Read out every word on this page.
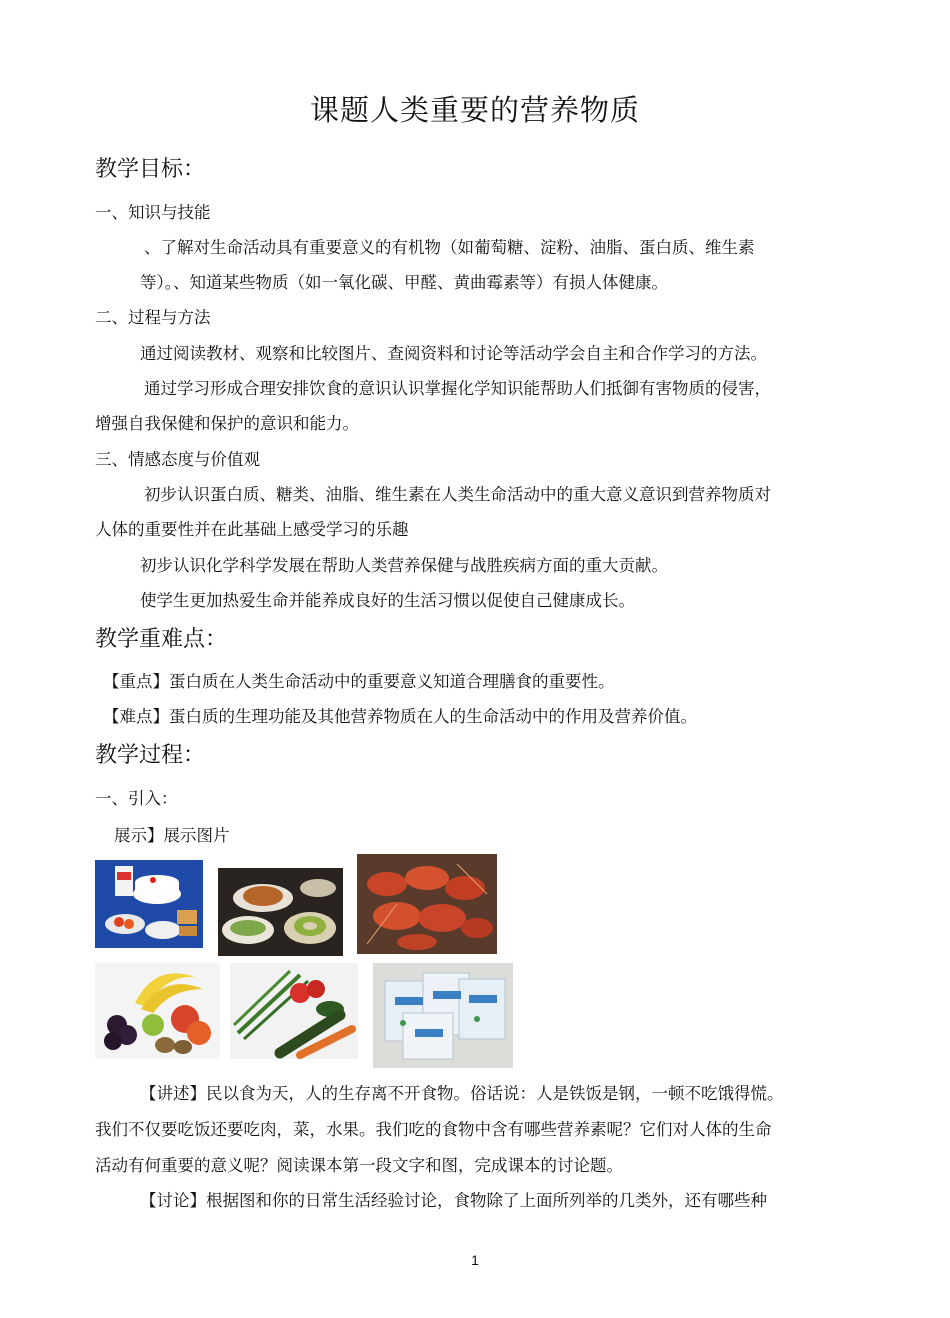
课题人类重要的营养物质
教学目标：
一、知识与技能
、了解对生命活动具有重要意义的有机物（如葡萄糖、淀粉、油脂、蛋白质、维生素
等）。、知道某些物质（如一氧化碳、甲醛、黄曲霉素等）有损人体健康。
二、过程与方法
通过阅读教材、观察和比较图片、查阅资料和讨论等活动学会自主和合作学习的方法。
通过学习形成合理安排饮食的意识认识掌握化学知识能帮助人们抵御有害物质的侵害，
增强自我保健和保护的意识和能力。
三、情感态度与价值观
初步认识蛋白质、糖类、油脂、维生素在人类生命活动中的重大意义意识到营养物质对
人体的重要性并在此基础上感受学习的乐趣
初步认识化学科学发展在帮助人类营养保健与战胜疾病方面的重大贡献。
使学生更加热爱生命并能养成良好的生活习惯以促使自己健康成长。
教学重难点：
【重点】蛋白质在人类生命活动中的重要意义知道合理膳食的重要性。
【难点】蛋白质的生理功能及其他营养物质在人的生命活动中的作用及营养价值。
教学过程：
一、引入：
展示】展示图片
【讲述】民以食为天，人的生存离不开食物。俗话说：人是铁饭是钢，一顿不吃饿得慌。
我们不仅要吃饭还要吃肉，菜，水果。我们吃的食物中含有哪些营养素呢？它们对人体的生命
活动有何重要的意义呢？阅读课本第一段文字和图，完成课本的讨论题。
【讨论】根据图和你的日常生活经验讨论，食物除了上面所列举的几类外，还有哪些种
1
